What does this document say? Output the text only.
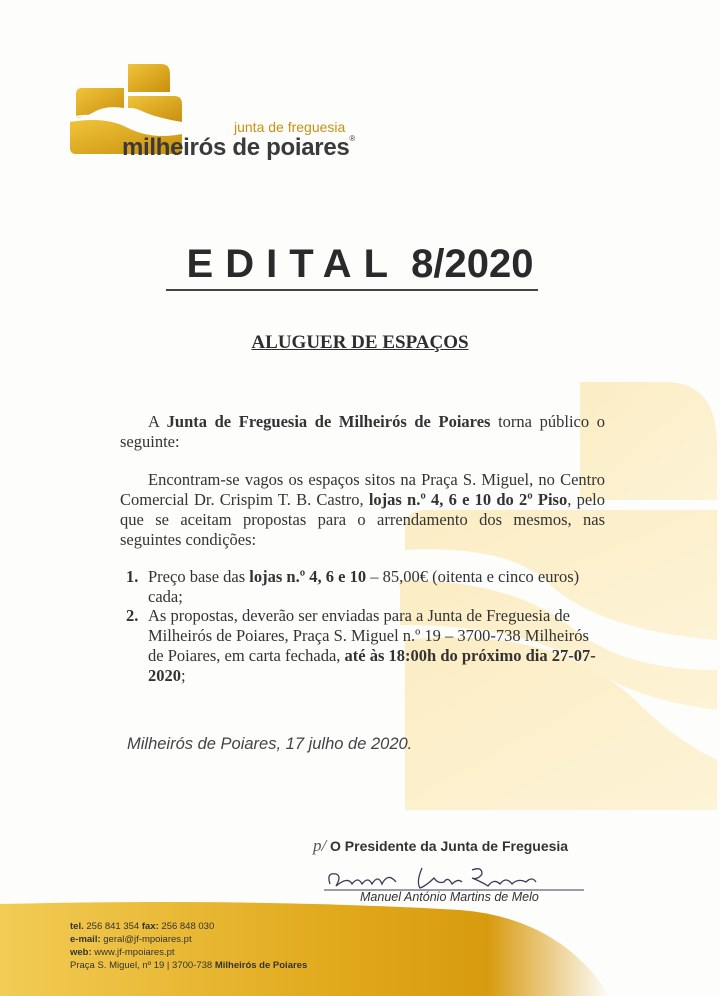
junta de freguesia
milheirós de poiares®
EDITAL 8/2020
ALUGUER DE ESPAÇOS
A Junta de Freguesia de Milheirós de Poiares torna público o seguinte:
Encontram-se vagos os espaços sitos na Praça S. Miguel, no Centro Comercial Dr. Crispim T. B. Castro, lojas n.º 4, 6 e 10 do 2º Piso, pelo que se aceitam propostas para o arrendamento dos mesmos, nas seguintes condições:
1. Preço base das lojas n.º 4, 6 e 10 – 85,00€ (oitenta e cinco euros) cada;
2. As propostas, deverão ser enviadas para a Junta de Freguesia de Milheirós de Poiares, Praça S. Miguel n.º 19 – 3700-738 Milheirós de Poiares, em carta fechada, até às 18:00h do próximo dia 27-07-2020;
Milheirós de Poiares, 17 julho de 2020.
p/ O Presidente da Junta de Freguesia
Manuel António Martins de Melo
tel. 256 841 354 fax: 256 848 030
e-mail: geral@jf-mpoiares.pt
web: www.jf-mpoiares.pt
Praça S. Miguel, nº 19 | 3700-738 Milheirós de Poiares
